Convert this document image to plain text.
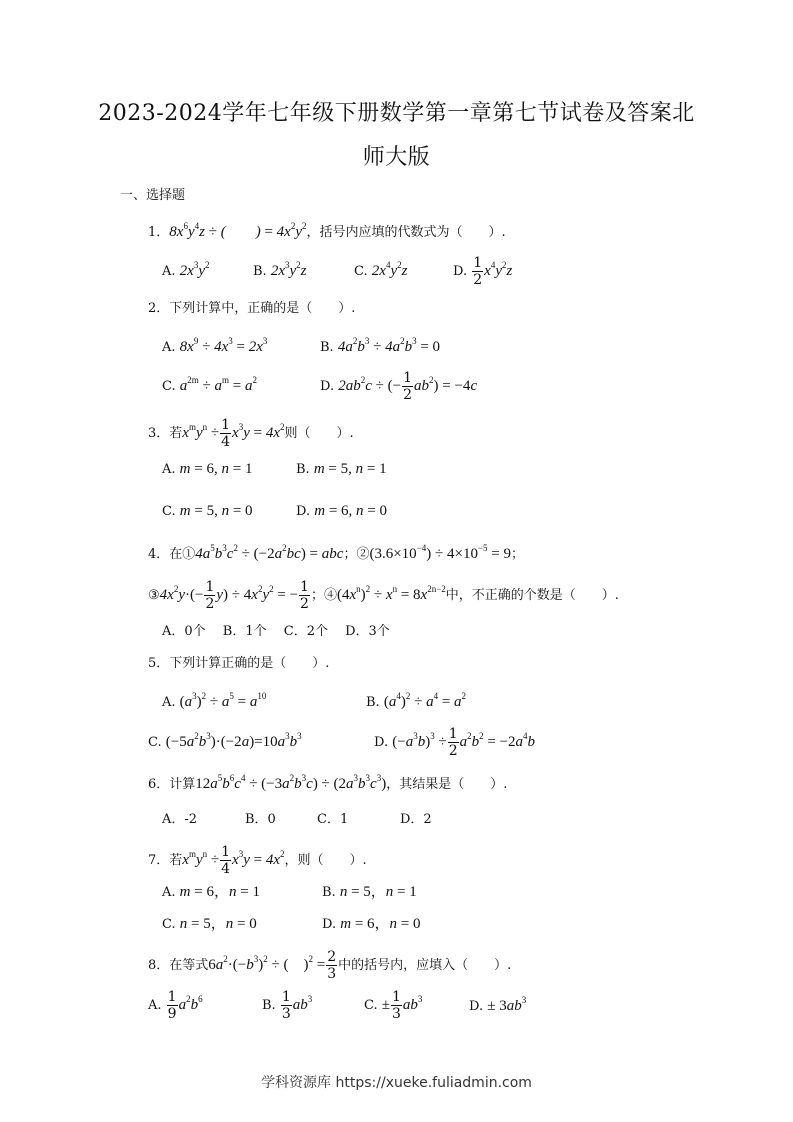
2023-2024学年七年级下册数学第一章第七节试卷及答案北
师大版
一、选择题
1．$8x^6y^4z$ ÷ (　　) = $4x^2y^2$，括号内应填的代数式为（　　）.
A. $2x^3y^2$	B. $2x^3y^2z$	C. $2x^4y^2z$	D. $\frac{1}{2} x^4y^2z$
2．下列计算中，正确的是（　　）.
A. $8x^9 \div 4x^3 = 2x^3$	B. $4a^2b^3 \div 4a^2b^3 = 0$
C. $a^{2m} \div a^m = a^2$	D. $2ab^2c$ ÷ (− $\frac{1}{2} ab^2) = -4c$
3．若$x^my^n \div \frac{1}{4} x^3y = 4x^2$则（　　）.
A. m = 6, n = 1	B. m = 5, n = 1
C. m = 5, n = 0	D. m = 6, n = 0
4．在$①4a^5b^3c^2 \div (-2a^2bc)$ = abc；$②(3.6\times 10^{-4}) \div 4\times 10^{-5} = 9$；
$③4x^2y\cdot(- \frac{1}{2} y) \div 4x^2y^2$ = − $\frac{1}{2}$ ；$④(4x^n)^2 \div x^n = 8x^{2n-2}$中，不正确的个数是（　　）.
A．0个　 B．1个　 C．2个　 D．3个
5．下列计算正确的是（　　）.
A. $(a^3)^2 \div a^5 = a^{10}$	B. $(a^4)^2 \div a^4 = a^2$
C. $(-5a^2b^3)\cdot(-2a)=10a^3b^3$	D. $(-a^3b)^3 \div \frac{1}{2} a^2b^2 = -2a^4b$
6．计算$12a^5b^6c^4 \div (-3a^2b^3c) \div (2a^3b^3c^3)$，其结果是（　　）.
A．-2	B．0	C．1	D．2
7．若$x^my^n \div \frac{1}{4} x^3y = 4x^2$，则（　　）.
A. m = 6，n = 1	B. n = 5，n = 1
C. n = 5，n = 0	D. m = 6，n = 0
8．在等式$6a^2\cdot(-b^3)^2$ ÷ (　)$^2 = \frac{2}{3}$ 中的括号内，应填入（　　）.
A. $\frac{1}{9} a^2b^6$	B. $\frac{1}{3} ab^3$	C. ± $\frac{1}{3} ab^3$	D. ± $3ab^3$
学科资源库 https://xueke.fuliadmin.com
